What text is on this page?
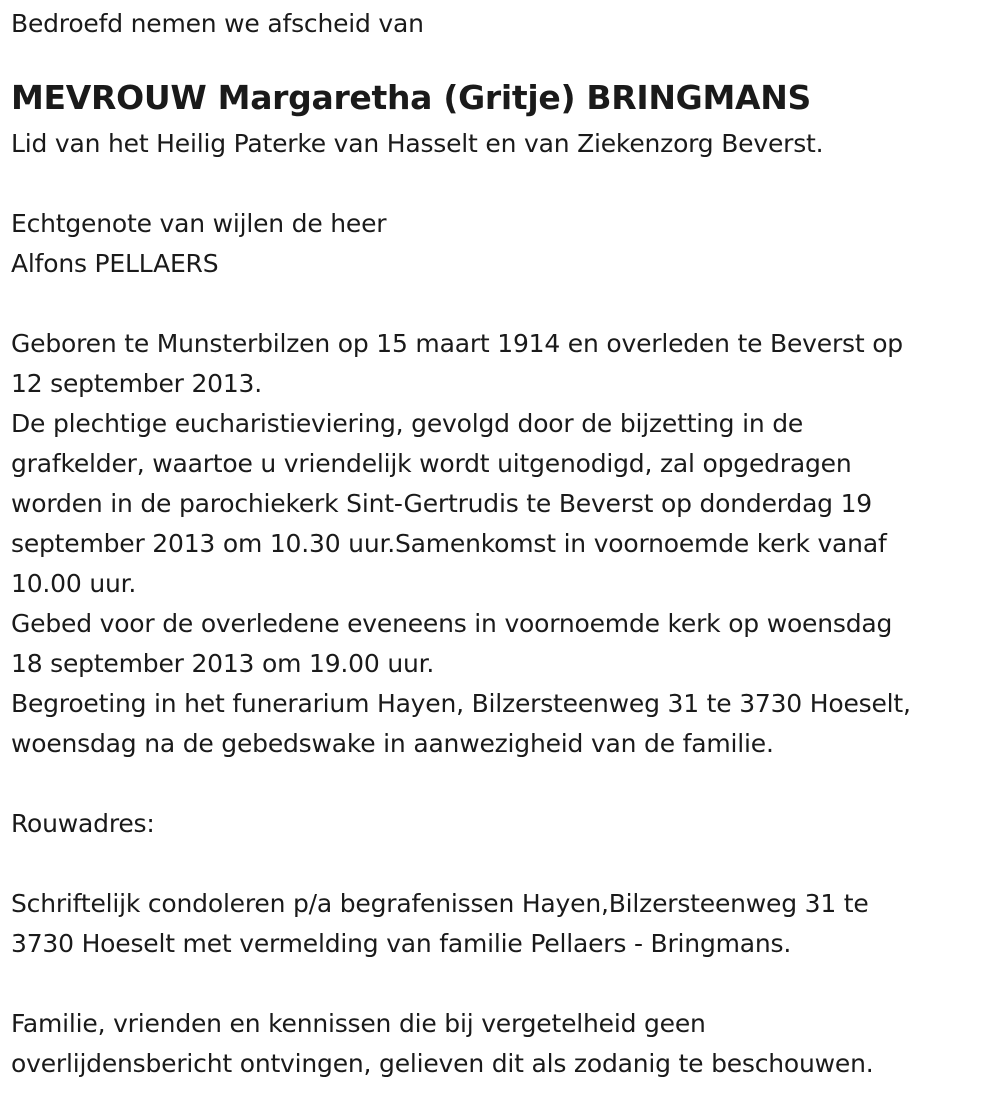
Bedroefd nemen we afscheid van
MEVROUW Margaretha (Gritje) BRINGMANS
Lid van het Heilig Paterke van Hasselt en van Ziekenzorg Beverst.
Echtgenote van wijlen de heer
Alfons PELLAERS
Geboren te Munsterbilzen op 15 maart 1914 en overleden te Beverst op
12 september 2013.
De plechtige eucharistieviering, gevolgd door de bijzetting in de
grafkelder, waartoe u vriendelijk wordt uitgenodigd, zal opgedragen
worden in de parochiekerk Sint-Gertrudis te Beverst op donderdag 19
september 2013 om 10.30 uur.Samenkomst in voornoemde kerk vanaf
10.00 uur.
Gebed voor de overledene eveneens in voornoemde kerk op woensdag
18 september 2013 om 19.00 uur.
Begroeting in het funerarium Hayen, Bilzersteenweg 31 te 3730 Hoeselt,
woensdag na de gebedswake in aanwezigheid van de familie.
Rouwadres:
Schriftelijk condoleren p/a begrafenissen Hayen,Bilzersteenweg 31 te
3730 Hoeselt met vermelding van familie Pellaers - Bringmans.
Familie, vrienden en kennissen die bij vergetelheid geen
overlijdensbericht ontvingen, gelieven dit als zodanig te beschouwen.
